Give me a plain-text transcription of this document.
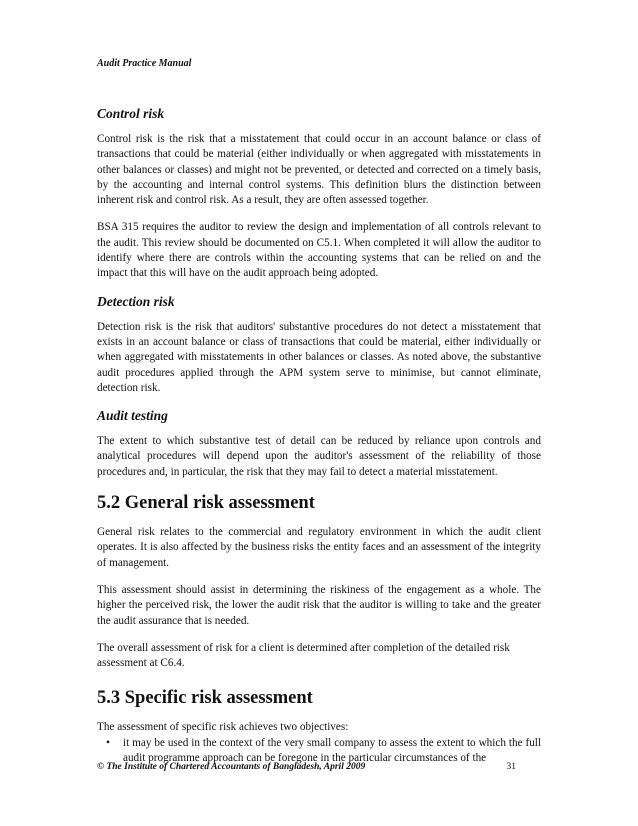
Audit Practice Manual
Control risk

Control risk is the risk that a misstatement that could occur in an account balance or class of transactions that could be material (either individually or when aggregated with misstatements in other balances or classes) and might not be prevented, or detected and corrected on a timely basis, by the accounting and internal control systems. This definition blurs the distinction between inherent risk and control risk. As a result, they are often assessed together.

BSA 315 requires the auditor to review the design and implementation of all controls relevant to the audit. This review should be documented on C5.1. When completed it will allow the auditor to identify where there are controls within the accounting systems that can be relied on and the impact that this will have on the audit approach being adopted.

Detection risk

Detection risk is the risk that auditors' substantive procedures do not detect a misstatement that exists in an account balance or class of transactions that could be material, either individually or when aggregated with misstatements in other balances or classes. As noted above, the substantive audit procedures applied through the APM system serve to minimise, but cannot eliminate, detection risk.

Audit testing

The extent to which substantive test of detail can be reduced by reliance upon controls and analytical procedures will depend upon the auditor's assessment of the reliability of those procedures and, in particular, the risk that they may fail to detect a material misstatement.

5.2 General risk assessment

General risk relates to the commercial and regulatory environment in which the audit client operates. It is also affected by the business risks the entity faces and an assessment of the integrity of management.

This assessment should assist in determining the riskiness of the engagement as a whole. The higher the perceived risk, the lower the audit risk that the auditor is willing to take and the greater the audit assurance that is needed.

The overall assessment of risk for a client is determined after completion of the detailed risk assessment at C6.4.

5.3 Specific risk assessment

The assessment of specific risk achieves two objectives:

• it may be used in the context of the very small company to assess the extent to which the full audit programme approach can be foregone in the particular circumstances of the
© The Institute of Chartered Accountants of Bangladesh, April 2009	31
